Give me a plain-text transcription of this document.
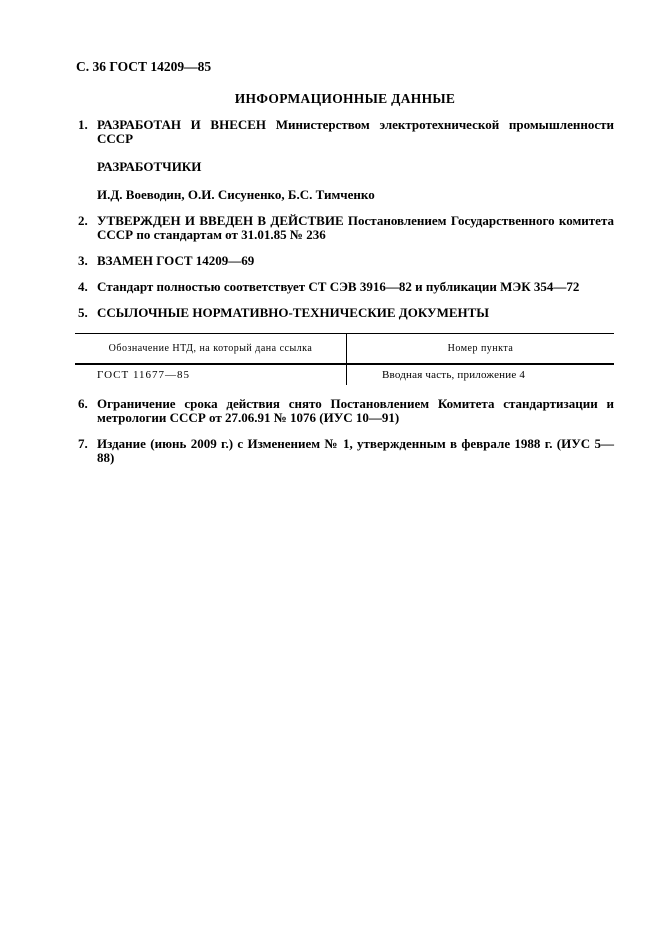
С. 36 ГОСТ 14209—85
ИНФОРМАЦИОННЫЕ ДАННЫЕ
1. РАЗРАБОТАН И ВНЕСЕН Министерством электротехнической промышленности СССР
РАЗРАБОТЧИКИ
И.Д. Воеводин, О.И. Сисуненко, Б.С. Тимченко
2. УТВЕРЖДЕН И ВВЕДЕН В ДЕЙСТВИЕ Постановлением Государственного комитета СССР по стандартам от 31.01.85 № 236
3. ВЗАМЕН ГОСТ 14209—69
4. Стандарт полностью соответствует СТ СЭВ 3916—82 и публикации МЭК 354—72
5. ССЫЛОЧНЫЕ НОРМАТИВНО-ТЕХНИЧЕСКИЕ ДОКУМЕНТЫ
Обозначение НТД, на который дана ссылка	Номер пункта
ГОСТ 11677—85	Вводная часть, приложение 4
6. Ограничение срока действия снято Постановлением Комитета стандартизации и метрологии СССР от 27.06.91 № 1076 (ИУС 10—91)
7. Издание (июнь 2009 г.) с Изменением № 1, утвержденным в феврале 1988 г. (ИУС 5—88)
